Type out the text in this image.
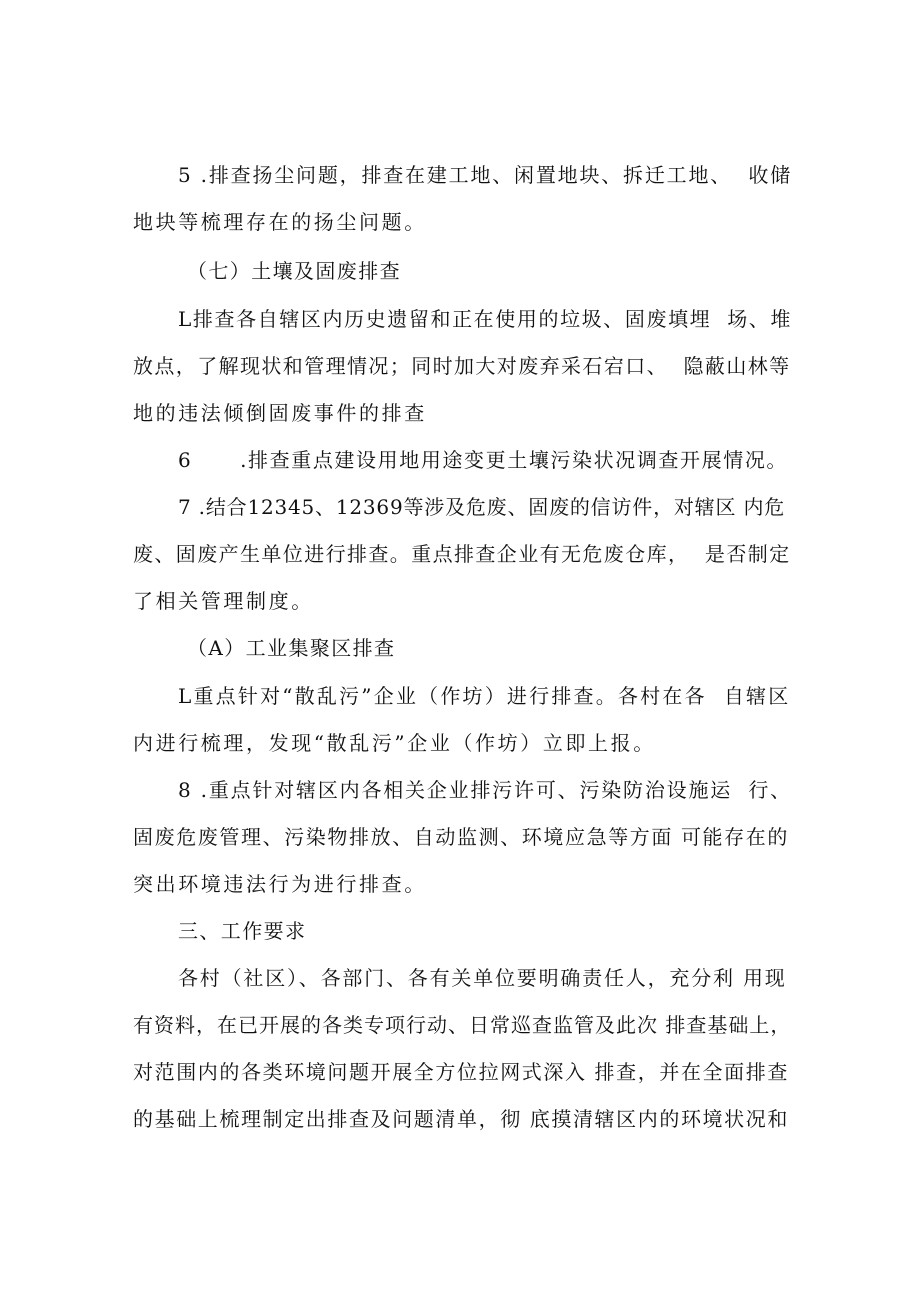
5 .排查扬尘问题，排查在建工地、闲置地块、拆迁工地、  收储
地块等梳理存在的扬尘问题。
（七）土壤及固废排查
L排查各自辖区内历史遗留和正在使用的垃圾、固废填埋  场、堆
放点，了解现状和管理情况；同时加大对废弃采石宕口、  隐蔽山林等
地的违法倾倒固废事件的排查
6      .排查重点建设用地用途变更土壤污染状况调查开展情况。
7 .结合12345、12369等涉及危废、固废的信访件，对辖区 内危
废、固废产生单位进行排查。重点排查企业有无危废仓库，  是否制定
了相关管理制度。
（A）工业集聚区排查
L重点针对“散乱污”企业（作坊）进行排查。各村在各  自辖区
内进行梳理，发现“散乱污”企业（作坊）立即上报。
8 .重点针对辖区内各相关企业排污许可、污染防治设施运  行、
固废危废管理、污染物排放、自动监测、环境应急等方面 可能存在的
突出环境违法行为进行排查。
三、工作要求
各村（社区）、各部门、各有关单位要明确责任人，充分利 用现
有资料，在已开展的各类专项行动、日常巡查监管及此次 排查基础上，
对范围内的各类环境问题开展全方位拉网式深入 排查，并在全面排查
的基础上梳理制定出排查及问题清单，彻 底摸清辖区内的环境状况和
